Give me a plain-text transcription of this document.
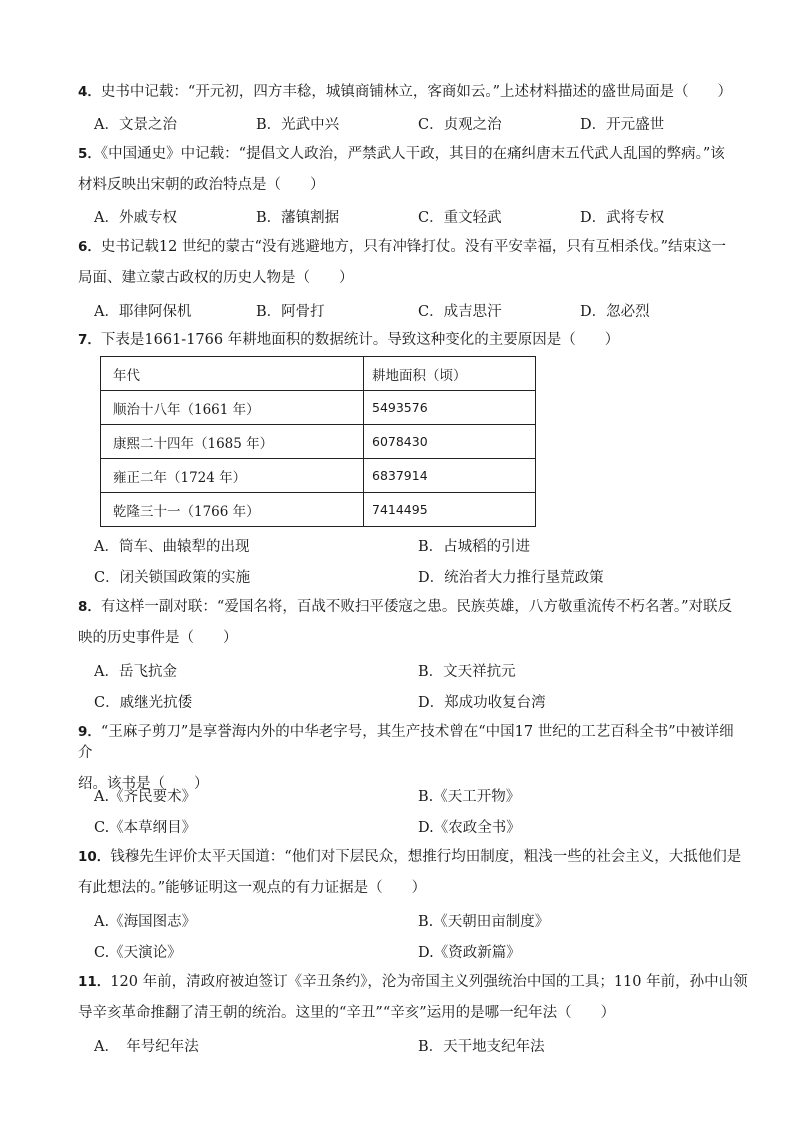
4．史书中记载：“开元初，四方丰稔，城镇商铺林立，客商如云。”上述材料描述的盛世局面是（　　）
A．文景之治	B．光武中兴	C．贞观之治	D．开元盛世
5．《中国通史》中记载：“提倡文人政治，严禁武人干政，其目的在痛纠唐末五代武人乱国的弊病。”该
材料反映出宋朝的政治特点是（　　）
A．外戚专权	B．藩镇割据	C．重文轻武	D．武将专权
6．史书记载12 世纪的蒙古“没有逃避地方，只有冲锋打仗。没有平安幸福，只有互相杀伐。”结束这一
局面、建立蒙古政权的历史人物是（　　）
A．耶律阿保机	B．阿骨打	C．成吉思汗	D．忽必烈
7．下表是1661-1766 年耕地面积的数据统计。导致这种变化的主要原因是（　　）
年代	耕地面积（顷）
顺治十八年（1661 年）	5493576
康熙二十四年（1685 年）	6078430
雍正二年（1724 年）	6837914
乾隆三十一（1766 年）	7414495
A．筒车、曲辕犁的出现	B．占城稻的引进
C．闭关锁国政策的实施	D．统治者大力推行垦荒政策
8．有这样一副对联：“爱国名将，百战不败扫平倭寇之患。民族英雄，八方敬重流传不朽名著。”对联反
映的历史事件是（　　）
A．岳飞抗金	B．文天祥抗元
C．戚继光抗倭	D．郑成功收复台湾
9．“王麻子剪刀”是享誉海内外的中华老字号，其生产技术曾在“中国17 世纪的工艺百科全书”中被详细介
绍。该书是（　　）
A.《齐民要术》	B.《天工开物》
C.《本草纲目》	D.《农政全书》
10．钱穆先生评价太平天国道：“他们对下层民众，想推行均田制度，粗浅一些的社会主义，大抵他们是
有此想法的。”能够证明这一观点的有力证据是（　　）
A.《海国图志》	B.《天朝田亩制度》
C.《天演论》	D.《资政新篇》
11．120 年前，清政府被迫签订《辛丑条约》，沦为帝国主义列强统治中国的工具；110 年前，孙中山领
导辛亥革命推翻了清王朝的统治。这里的“辛丑”“辛亥”运用的是哪一纪年法（　　）
A．　年号纪年法	B．天干地支纪年法
